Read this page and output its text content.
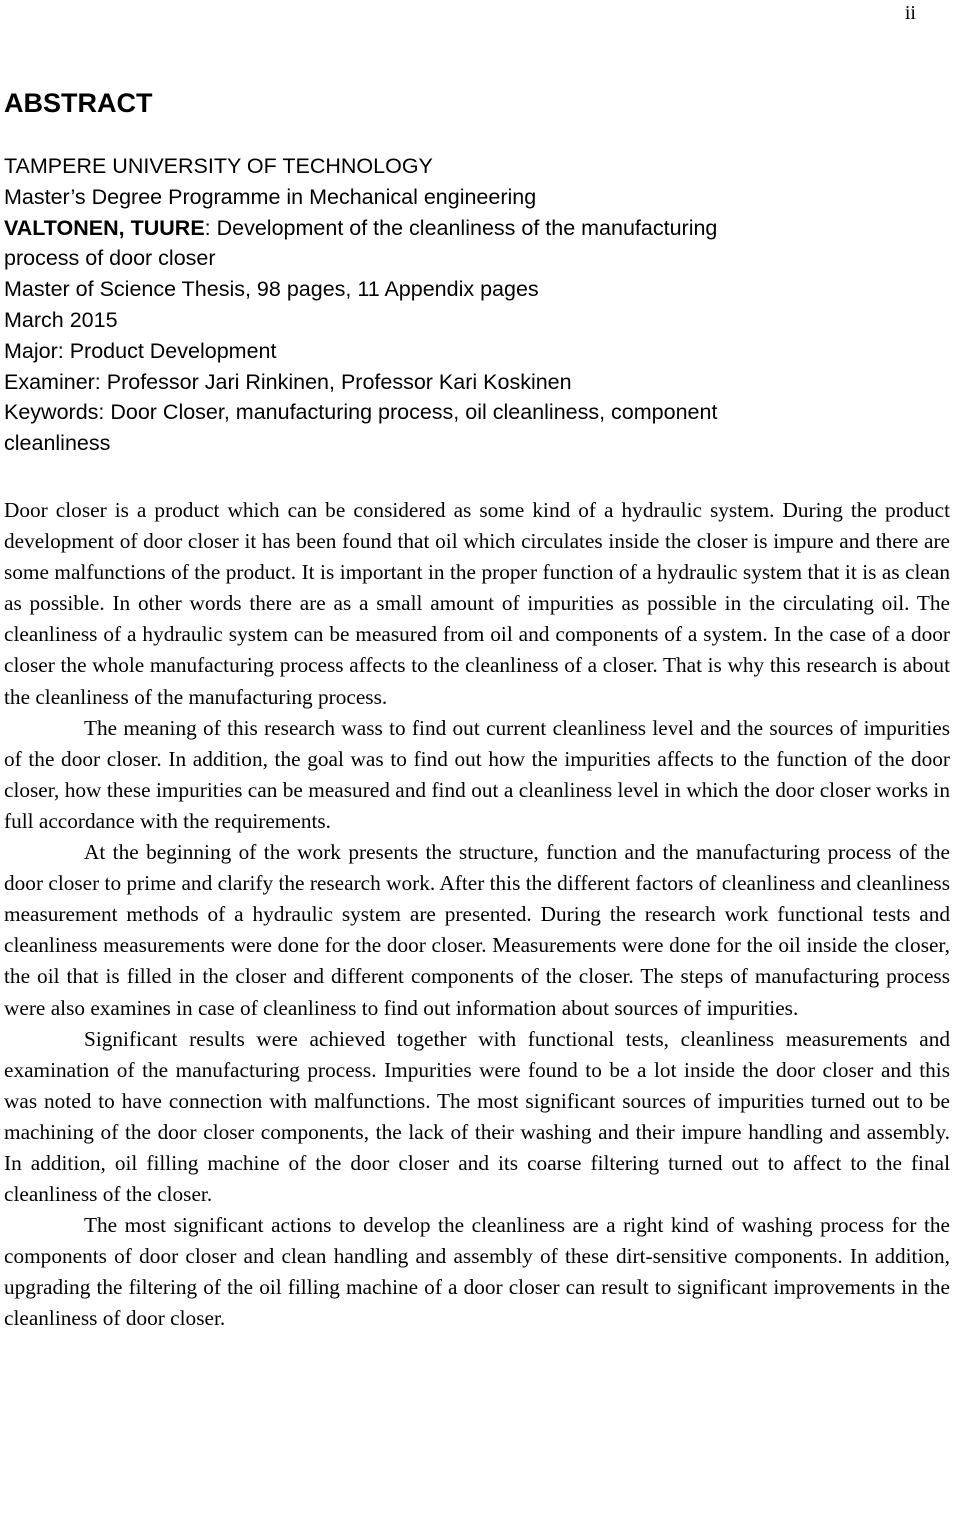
ii
ABSTRACT
TAMPERE UNIVERSITY OF TECHNOLOGY
Master’s Degree Programme in Mechanical engineering
VALTONEN, TUURE: Development of the cleanliness of the manufacturing
process of door closer
Master of Science Thesis, 98 pages, 11 Appendix pages
March 2015
Major: Product Development
Examiner: Professor Jari Rinkinen, Professor Kari Koskinen
Keywords: Door Closer, manufacturing process, oil cleanliness, component
cleanliness

Door closer is a product which can be considered as some kind of a hydraulic system. During the product development of door closer it has been found that oil which circulates inside the closer is impure and there are some malfunctions of the product. It is important in the proper function of a hydraulic system that it is as clean as possible. In other words there are as a small amount of impurities as possible in the circulating oil. The cleanliness of a hydraulic system can be measured from oil and components of a system. In the case of a door closer the whole manufacturing process affects to the cleanliness of a closer. That is why this research is about the cleanliness of the manufacturing process.

The meaning of this research wass to find out current cleanliness level and the sources of impurities of the door closer. In addition, the goal was to find out how the impurities affects to the function of the door closer, how these impurities can be measured and find out a cleanliness level in which the door closer works in full accordance with the requirements.

At the beginning of the work presents the structure, function and the manufacturing process of the door closer to prime and clarify the research work. After this the different factors of cleanliness and cleanliness measurement methods of a hydraulic system are presented. During the research work functional tests and cleanliness measurements were done for the door closer. Measurements were done for the oil inside the closer, the oil that is filled in the closer and different components of the closer. The steps of manufacturing process were also examines in case of cleanliness to find out information about sources of impurities.

Significant results were achieved together with functional tests, cleanliness measurements and examination of the manufacturing process. Impurities were found to be a lot inside the door closer and this was noted to have connection with malfunctions. The most significant sources of impurities turned out to be machining of the door closer components, the lack of their washing and their impure handling and assembly. In addition, oil filling machine of the door closer and its coarse filtering turned out to affect to the final cleanliness of the closer.

The most significant actions to develop the cleanliness are a right kind of washing process for the components of door closer and clean handling and assembly of these dirt-sensitive components. In addition, upgrading the filtering of the oil filling machine of a door closer can result to significant improvements in the cleanliness of door closer.
